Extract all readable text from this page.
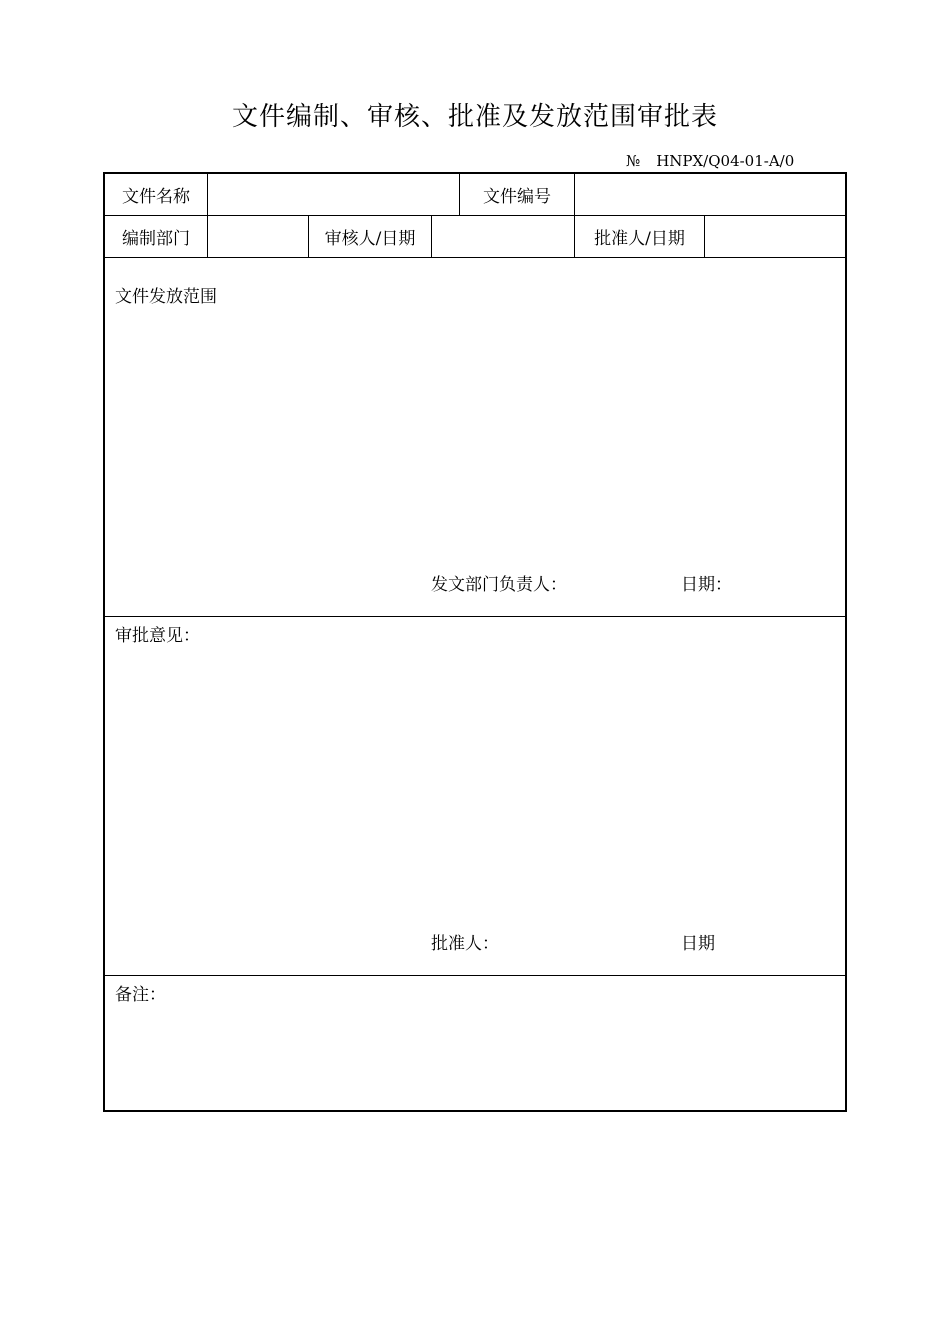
文件编制、审核、批准及发放范围审批表
№ HNPX/Q04-01-A/0
文件名称	文件编号
编制部门	审核人/日期	批准人/日期
文件发放范围
发文部门负责人：	日期：
审批意见：
批准人：	日期
备注：
